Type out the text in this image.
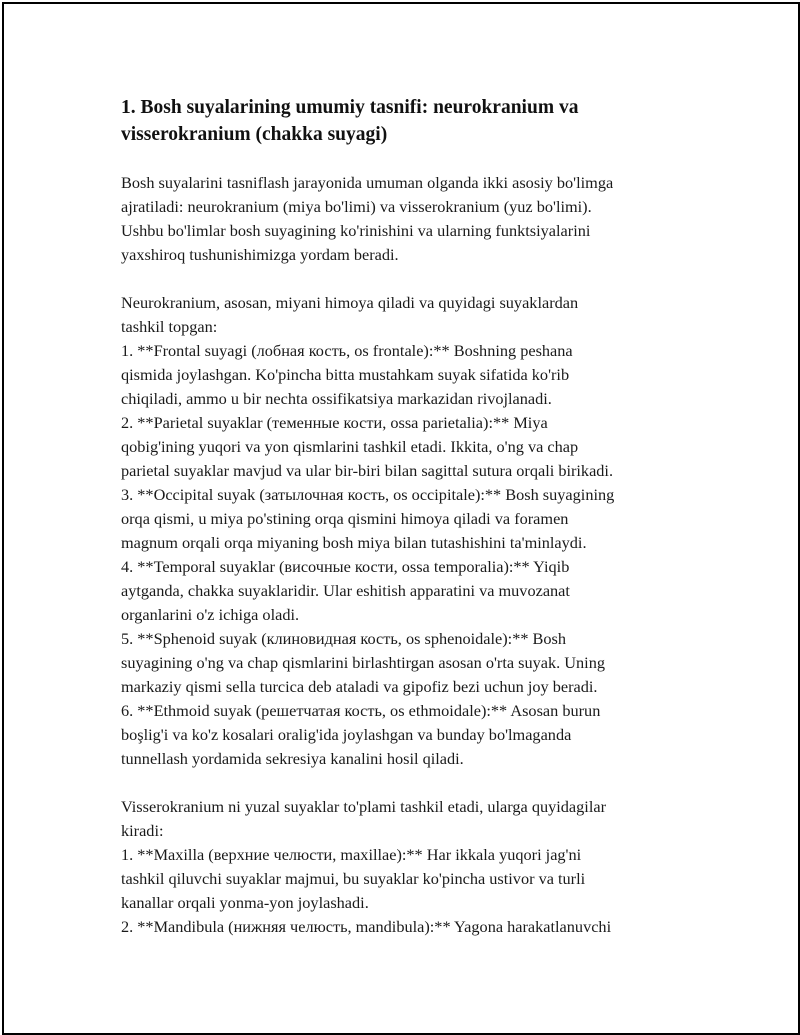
1. Bosh suyalarining umumiy tasnifi: neurokranium va
visserokranium (chakka suyagi)
Bosh suyalarini tasniflash jarayonida umuman olganda ikki asosiy bo'limga
ajratiladi: neurokranium (miya bo'limi) va visserokranium (yuz bo'limi).
Ushbu bo'limlar bosh suyagining ko'rinishini va ularning funktsiyalarini
yaxshiroq tushunishimizga yordam beradi.
Neurokranium, asosan, miyani himoya qiladi va quyidagi suyaklardan
tashkil topgan:
1. **Frontal suyagi (лобная кость, os frontale):** Boshning peshana
qismida joylashgan. Ko'pincha bitta mustahkam suyak sifatida ko'rib
chiqiladi, ammo u bir nechta ossifikatsiya markazidan rivojlanadi.
2. **Parietal suyaklar (теменные кости, ossa parietalia):** Miya
qobig'ining yuqori va yon qismlarini tashkil etadi. Ikkita, o'ng va chap
parietal suyaklar mavjud va ular bir-biri bilan sagittal sutura orqali birikadi.
3. **Occipital suyak (затылочная кость, os occipitale):** Bosh suyagining
orqa qismi, u miya po'stining orqa qismini himoya qiladi va foramen
magnum orqali orqa miyaning bosh miya bilan tutashishini ta'minlaydi.
4. **Temporal suyaklar (височные кости, ossa temporalia):** Yiqib
aytganda, chakka suyaklaridir. Ular eshitish apparatini va muvozanat
organlarini o'z ichiga oladi.
5. **Sphenoid suyak (клиновидная кость, os sphenoidale):** Bosh
suyagining o'ng va chap qismlarini birlashtirgan asosan o'rta suyak. Uning
markaziy qismi sella turcica deb ataladi va gipofiz bezi uchun joy beradi.
6. **Ethmoid suyak (решетчатая кость, os ethmoidale):** Asosan burun
boşlig'i va ko'z kosalari oralig'ida joylashgan va bunday bo'lmaganda
tunnellash yordamida sekresiya kanalini hosil qiladi.
Visserokranium ni yuzal suyaklar to'plami tashkil etadi, ularga quyidagilar
kiradi:
1. **Maxilla (верхние челюсти, maxillae):** Har ikkala yuqori jag'ni
tashkil qiluvchi suyaklar majmui, bu suyaklar ko'pincha ustivor va turli
kanallar orqali yonma-yon joylashadi.
2. **Mandibula (нижняя челюсть, mandibula):** Yagona harakatlanuvchi
